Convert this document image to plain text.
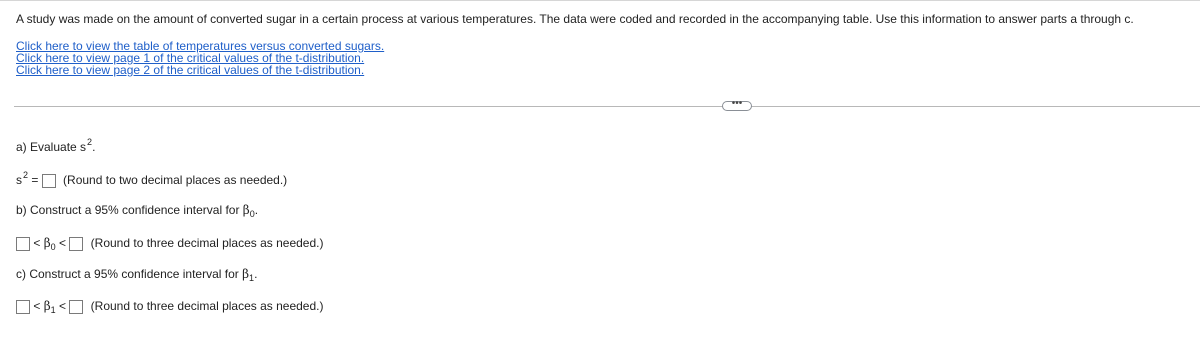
A study was made on the amount of converted sugar in a certain process at various temperatures. The data were coded and recorded in the accompanying table. Use this information to answer parts a through c.
Click here to view the table of temperatures versus converted sugars.
Click here to view page 1 of the critical values of the t-distribution.
Click here to view page 2 of the critical values of the t-distribution.
•••
a) Evaluate $s^2$.
$s^2$ = (Round to two decimal places as needed.)
b) Construct a 95% confidence interval for $\beta_0$.
< $\beta_0$ <  (Round to three decimal places as needed.)
c) Construct a 95% confidence interval for $\beta_1$.
< $\beta_1$ <  (Round to three decimal places as needed.)
